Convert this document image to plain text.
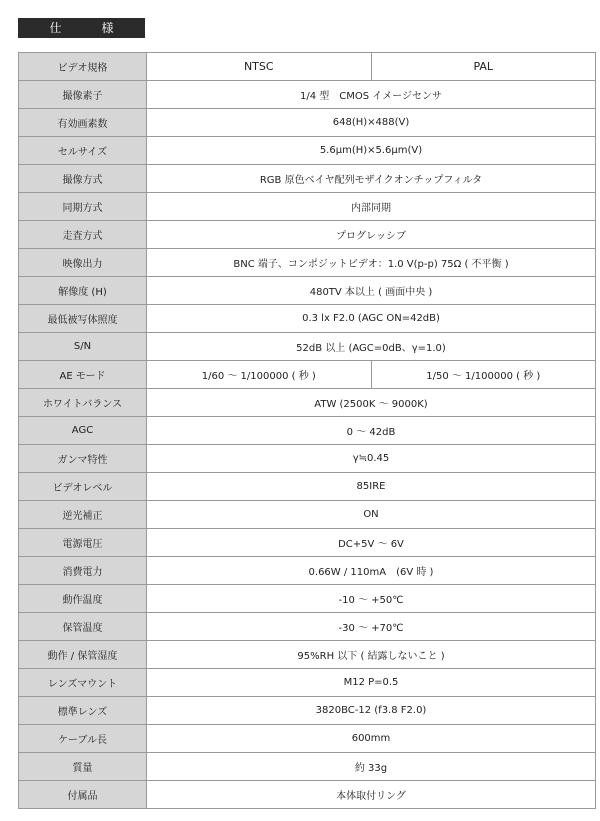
仕　様
ビデオ規格	NTSC	PAL
撮像素子	1/4 型　CMOS イメージセンサ	
有効画素数	648(H)×488(V)	
セルサイズ	5.6μm(H)×5.6μm(V)	
撮像方式	RGB 原色ベイヤ配列モザイクオンチップフィルタ	
同期方式	内部同期	
走査方式	プログレッシブ	
映像出力	BNC 端子、コンポジットビデオ：1.0 V(p-p) 75Ω ( 不平衡 )	
解像度 (H)	480TV 本以上 ( 画面中央 )	
最低被写体照度	0.3 lx F2.0 (AGC ON=42dB)	
S/N	52dB 以上 (AGC=0dB、γ=1.0)	
AE モード	1/60 ～ 1/100000 ( 秒 )	1/50 ～ 1/100000 ( 秒 )
ホワイトバランス	ATW (2500K ～ 9000K)	
AGC	0 ～ 42dB	
ガンマ特性	γ≒0.45	
ビデオレベル	85IRE	
逆光補正	ON	
電源電圧	DC+5V ～ 6V	
消費電力	0.66W / 110mA　(6V 時 )	
動作温度	-10 ～ +50℃	
保管温度	-30 ～ +70℃	
動作 / 保管湿度	95%RH 以下 ( 結露しないこと )	
レンズマウント	M12 P=0.5	
標準レンズ	3820BC-12 (f3.8 F2.0)	
ケーブル長	600mm	
質量	約 33g	
付属品	本体取付リング	
